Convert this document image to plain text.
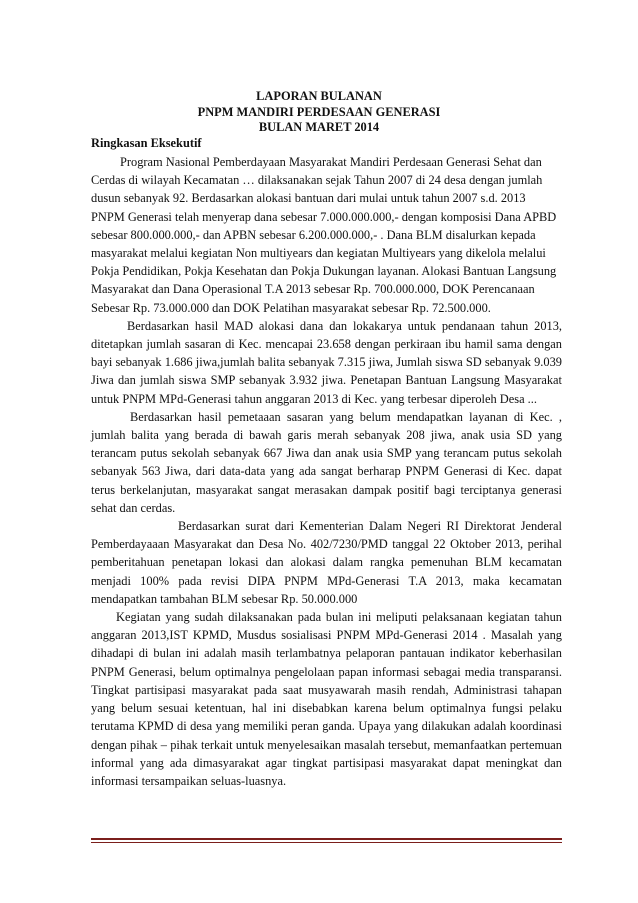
LAPORAN BULANAN
PNPM MANDIRI PERDESAAN GENERASI
BULAN MARET 2014
Ringkasan Eksekutif

Program Nasional Pemberdayaan Masyarakat Mandiri Perdesaan Generasi Sehat dan Cerdas di wilayah Kecamatan … dilaksanakan sejak Tahun 2007 di 24 desa dengan jumlah dusun sebanyak 92. Berdasarkan alokasi bantuan dari mulai untuk tahun 2007 s.d. 2013 PNPM Generasi telah menyerap dana sebesar 7.000.000.000,- dengan komposisi Dana APBD sebesar 800.000.000,- dan APBN sebesar 6.200.000.000,- . Dana BLM disalurkan kepada masyarakat melalui kegiatan Non multiyears dan kegiatan Multiyears yang dikelola melalui Pokja Pendidikan, Pokja Kesehatan dan Pokja Dukungan layanan. Alokasi Bantuan Langsung Masyarakat dan Dana Operasional T.A 2013 sebesar Rp. 700.000.000, DOK Perencanaan Sebesar Rp. 73.000.000 dan DOK Pelatihan masyarakat sebesar Rp. 72.500.000.

Berdasarkan hasil MAD alokasi dana dan lokakarya untuk pendanaan tahun 2013, ditetapkan jumlah sasaran di Kec. mencapai 23.658 dengan perkiraan ibu hamil sama dengan bayi sebanyak 1.686 jiwa,jumlah balita sebanyak 7.315 jiwa, Jumlah siswa SD sebanyak 9.039 Jiwa dan jumlah siswa SMP sebanyak 3.932 jiwa. Penetapan Bantuan Langsung Masyarakat untuk PNPM MPd-Generasi tahun anggaran 2013 di Kec. yang terbesar diperoleh Desa ...

Berdasarkan hasil pemetaaan sasaran yang belum mendapatkan layanan di Kec. , jumlah balita yang berada di bawah garis merah sebanyak 208 jiwa, anak usia SD yang terancam putus sekolah sebanyak 667 Jiwa dan anak usia SMP yang terancam putus sekolah sebanyak 563 Jiwa, dari data-data yang ada sangat berharap PNPM Generasi di Kec. dapat terus berkelanjutan, masyarakat sangat merasakan dampak positif bagi terciptanya generasi sehat dan cerdas.

Berdasarkan surat dari Kementerian Dalam Negeri RI Direktorat Jenderal Pemberdayaaan Masyarakat dan Desa No. 402/7230/PMD tanggal 22 Oktober 2013, perihal pemberitahuan penetapan lokasi dan alokasi dalam rangka pemenuhan BLM kecamatan menjadi 100% pada revisi DIPA PNPM MPd-Generasi T.A 2013, maka kecamatan mendapatkan tambahan BLM sebesar Rp. 50.000.000

Kegiatan yang sudah dilaksanakan pada bulan ini meliputi pelaksanaan kegiatan tahun anggaran 2013,IST KPMD, Musdus sosialisasi PNPM MPd-Generasi 2014 . Masalah yang dihadapi di bulan ini adalah masih terlambatnya pelaporan pantauan indikator keberhasilan PNPM Generasi, belum optimalnya pengelolaan papan informasi sebagai media transparansi. Tingkat partisipasi masyarakat pada saat musyawarah masih rendah, Administrasi tahapan yang belum sesuai ketentuan, hal ini disebabkan karena belum optimalnya fungsi pelaku terutama KPMD di desa yang memiliki peran ganda. Upaya yang dilakukan adalah koordinasi dengan pihak – pihak terkait untuk menyelesaikan masalah tersebut, memanfaatkan pertemuan informal yang ada dimasyarakat agar tingkat partisipasi masyarakat dapat meningkat dan informasi tersampaikan seluas-luasnya.
